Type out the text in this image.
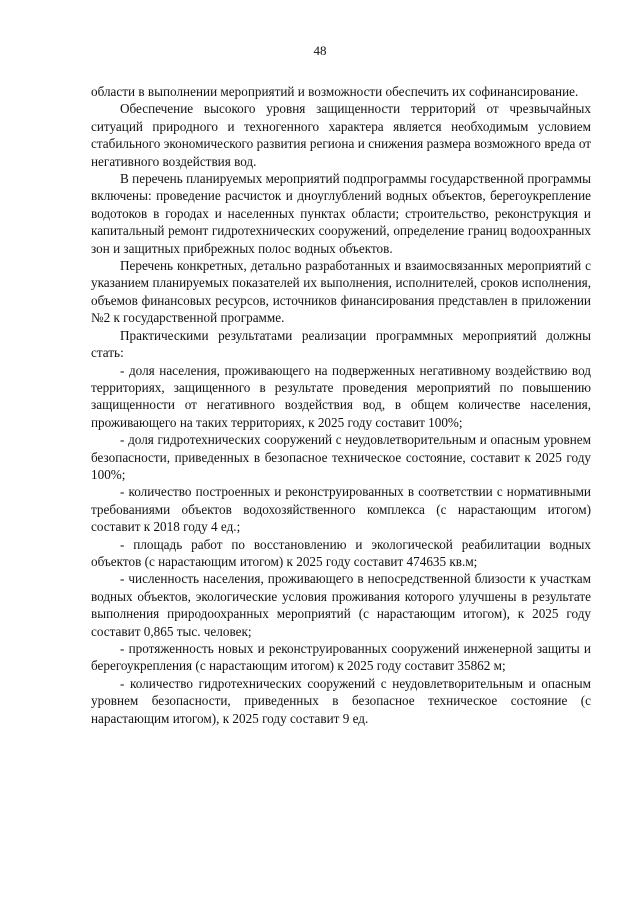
48

области в выполнении мероприятий и возможности обеспечить их софинансирование.

Обеспечение высокого уровня защищенности территорий от чрезвычайных ситуаций природного и техногенного характера является необходимым условием стабильного экономического развития региона и снижения размера возможного вреда от негативного воздействия вод.

В перечень планируемых мероприятий подпрограммы государственной программы включены: проведение расчисток и дноуглублений водных объектов, берегоукрепление водотоков в городах и населенных пунктах области; строительство, реконструкция и капитальный ремонт гидротехнических сооружений, определение границ водоохранных зон и защитных прибрежных полос водных объектов.

Перечень конкретных, детально разработанных и взаимосвязанных мероприятий с указанием планируемых показателей их выполнения, исполнителей, сроков исполнения, объемов финансовых ресурсов, источников финансирования представлен в приложении №2 к государственной программе.

Практическими результатами реализации программных мероприятий должны стать:

- доля населения, проживающего на подверженных негативному воздействию вод территориях, защищенного в результате проведения мероприятий по повышению защищенности от негативного воздействия вод, в общем количестве населения, проживающего на таких территориях, к 2025 году составит 100%;

- доля гидротехнических сооружений с неудовлетворительным и опасным уровнем безопасности, приведенных в безопасное техническое состояние, составит к 2025 году 100%;

- количество построенных и реконструированных в соответствии с нормативными требованиями объектов водохозяйственного комплекса (с нарастающим итогом) составит к 2018 году 4 ед.;

- площадь работ по восстановлению и экологической реабилитации водных объектов (с нарастающим итогом) к 2025 году составит 474635 кв.м;

- численность населения, проживающего в непосредственной близости к участкам водных объектов, экологические условия проживания которого улучшены в результате выполнения природоохранных мероприятий (с нарастающим итогом), к 2025 году составит 0,865 тыс. человек;

- протяженность новых и реконструированных сооружений инженерной защиты и берегоукрепления (с нарастающим итогом) к 2025 году составит 35862 м;

- количество гидротехнических сооружений с неудовлетворительным и опасным уровнем безопасности, приведенных в безопасное техническое состояние (с нарастающим итогом), к 2025 году составит 9 ед.
